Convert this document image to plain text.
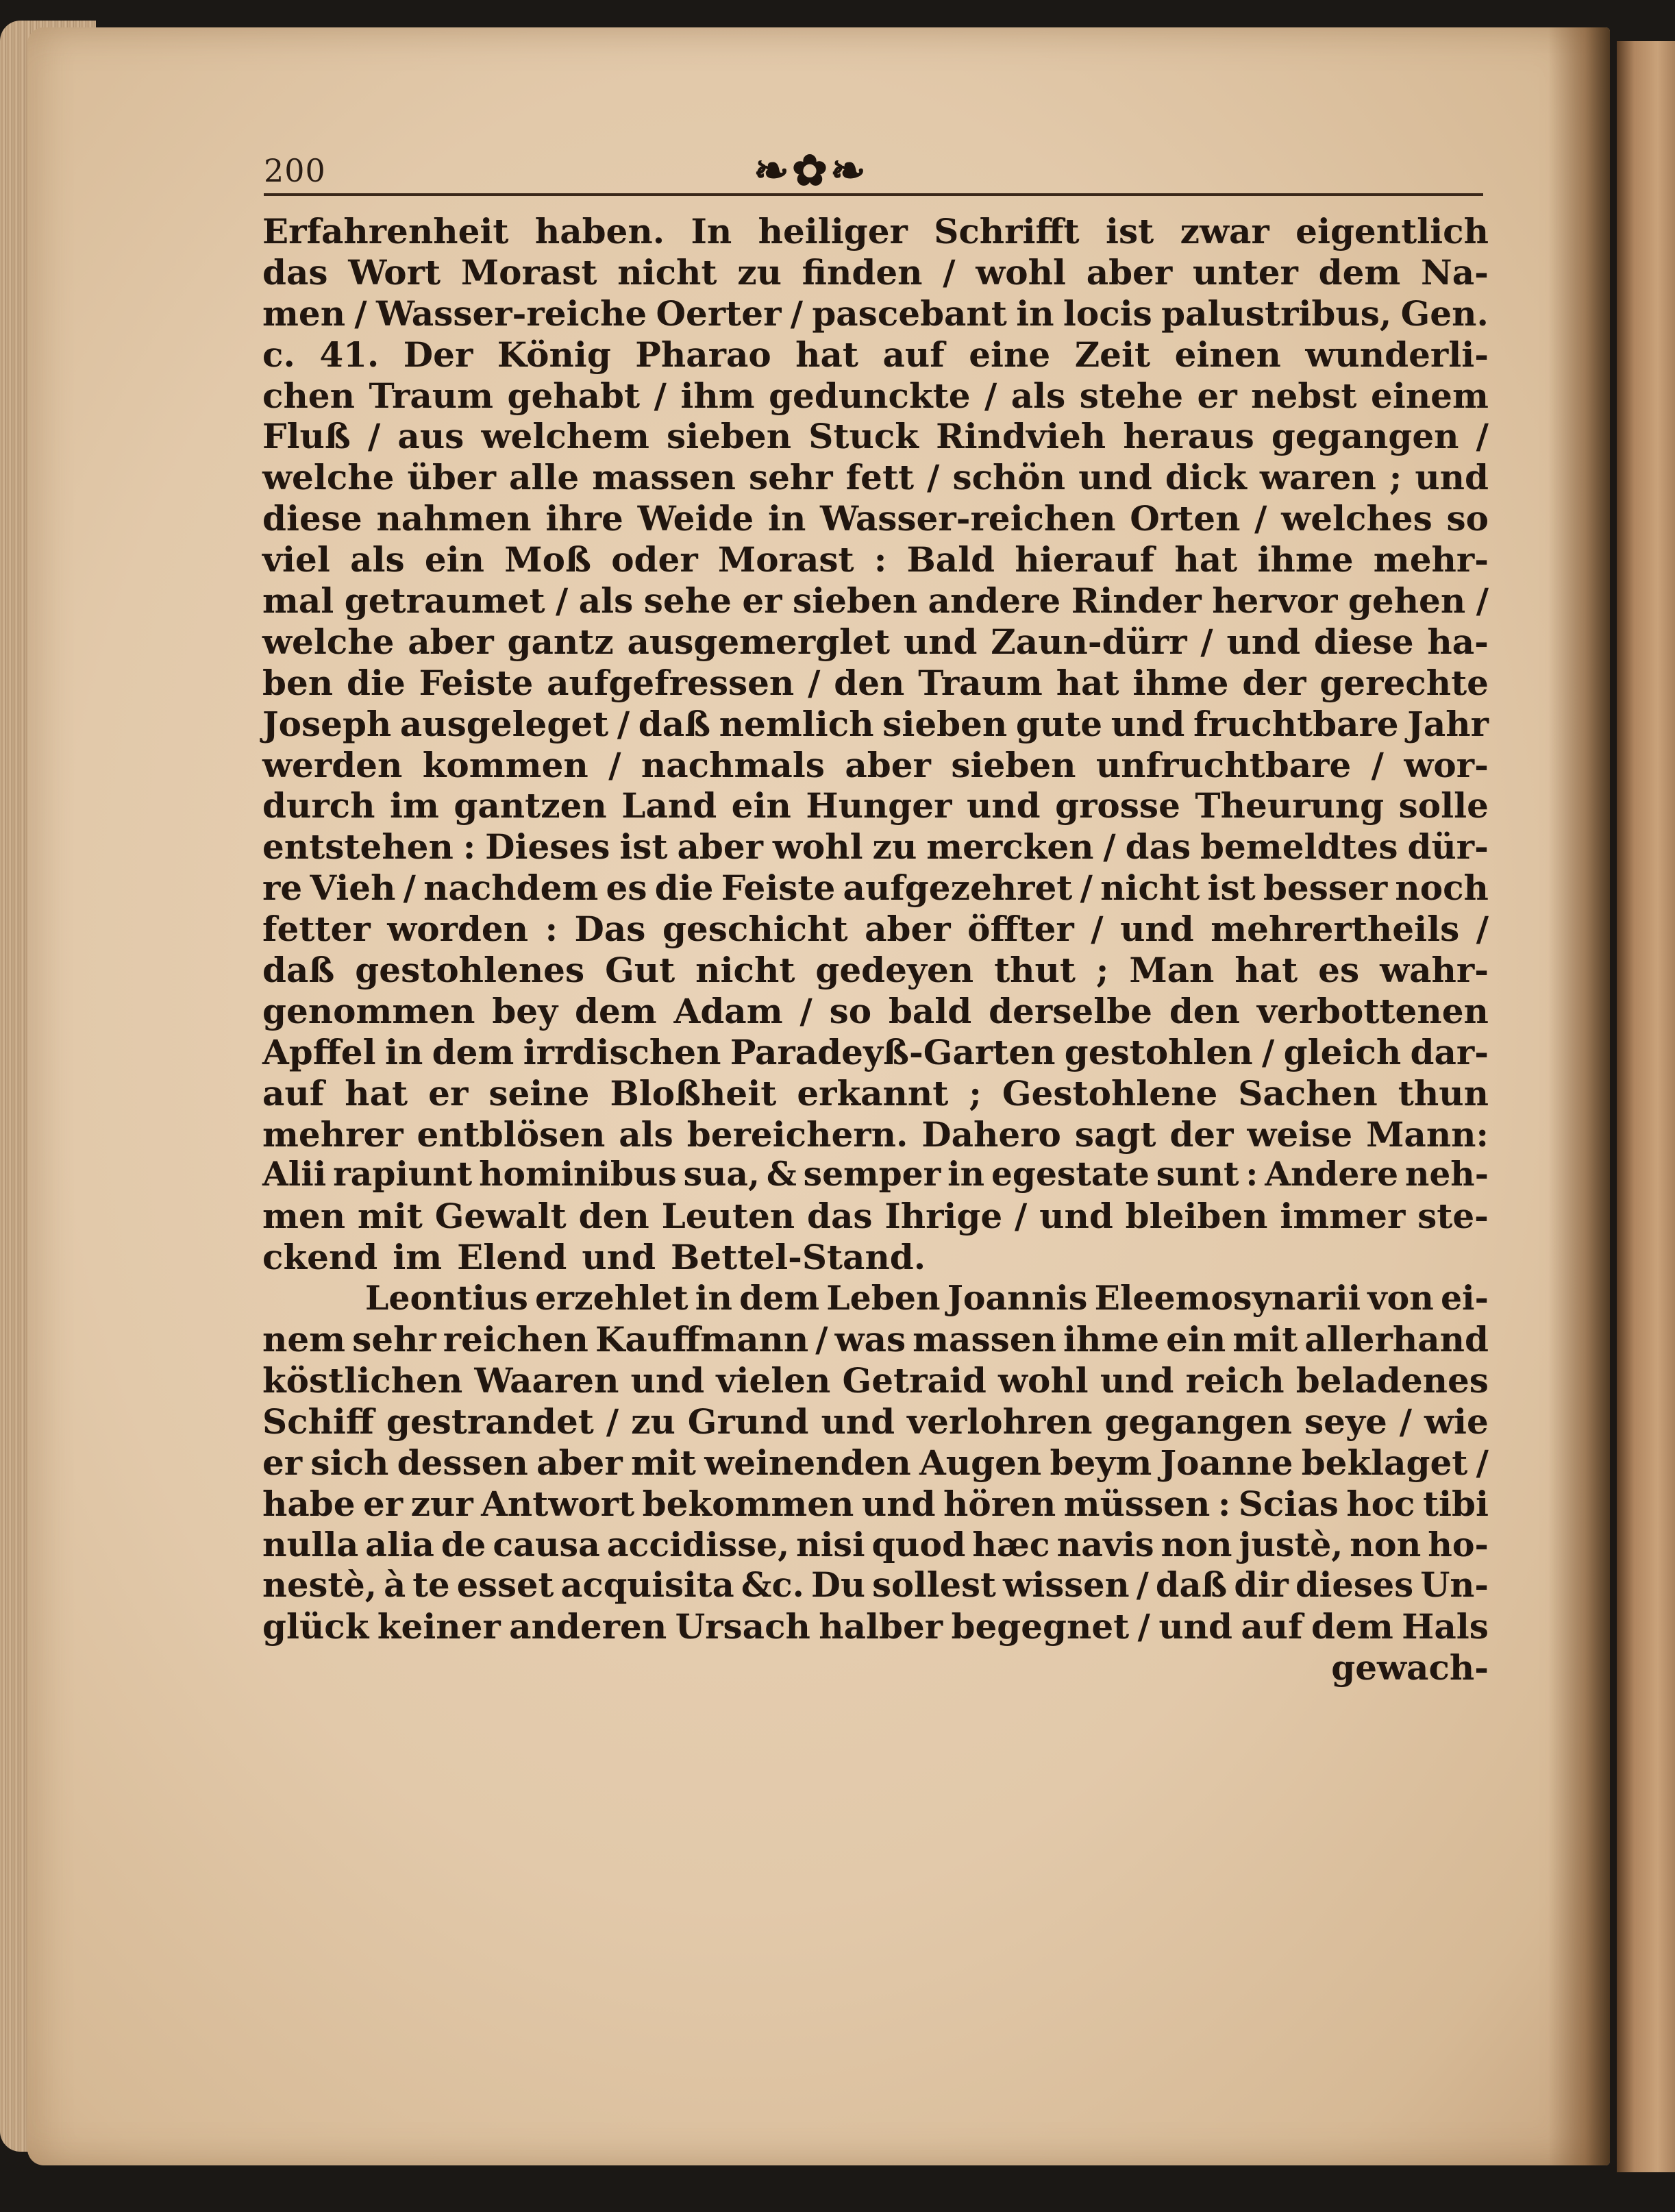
200	❧✿❧
Erfahrenheit haben. In heiliger Schrifft ist zwar eigentlich
das Wort Morast nicht zu finden / wohl aber unter dem Na-
men / Wasser-reiche Oerter / pascebant in locis palustribus, Gen.
c. 41. Der König Pharao hat auf eine Zeit einen wunderli-
chen Traum gehabt / ihm gedunckte / als stehe er nebst einem
Fluß / aus welchem sieben Stuck Rindvieh heraus gegangen /
welche über alle massen sehr fett / schön und dick waren ; und
diese nahmen ihre Weide in Wasser-reichen Orten / welches so
viel als ein Moß oder Morast : Bald hierauf hat ihme mehr-
mal getraumet / als sehe er sieben andere Rinder hervor gehen /
welche aber gantz ausgemerglet und Zaun-dürr / und diese ha-
ben die Feiste aufgefressen / den Traum hat ihme der gerechte
Joseph ausgeleget / daß nemlich sieben gute und fruchtbare Jahr
werden kommen / nachmals aber sieben unfruchtbare / wor-
durch im gantzen Land ein Hunger und grosse Theurung solle
entstehen : Dieses ist aber wohl zu mercken / das bemeldtes dür-
re Vieh / nachdem es die Feiste aufgezehret / nicht ist besser noch
fetter worden : Das geschicht aber öffter / und mehrertheils /
daß gestohlenes Gut nicht gedeyen thut ; Man hat es wahr-
genommen bey dem Adam / so bald derselbe den verbottenen
Apffel in dem irrdischen Paradeyß-Garten gestohlen / gleich dar-
auf hat er seine Bloßheit erkannt ; Gestohlene Sachen thun
mehrer entblösen als bereichern. Dahero sagt der weise Mann:
Alii rapiunt hominibus sua, & semper in egestate sunt : Andere neh-
men mit Gewalt den Leuten das Ihrige / und bleiben immer ste-
ckend im Elend und Bettel-Stand.
Leontius erzehlet in dem Leben Joannis Eleemosynarii von ei-
nem sehr reichen Kauffmann / was massen ihme ein mit allerhand
köstlichen Waaren und vielen Getraid wohl und reich beladenes
Schiff gestrandet / zu Grund und verlohren gegangen seye / wie
er sich dessen aber mit weinenden Augen beym Joanne beklaget /
habe er zur Antwort bekommen und hören müssen : Scias hoc tibi
nulla alia de causa accidisse, nisi quod hæc navis non justè, non ho-
nestè, à te esset acquisita &c. Du sollest wissen / daß dir dieses Un-
glück keiner anderen Ursach halber begegnet / und auf dem Hals
gewach-
